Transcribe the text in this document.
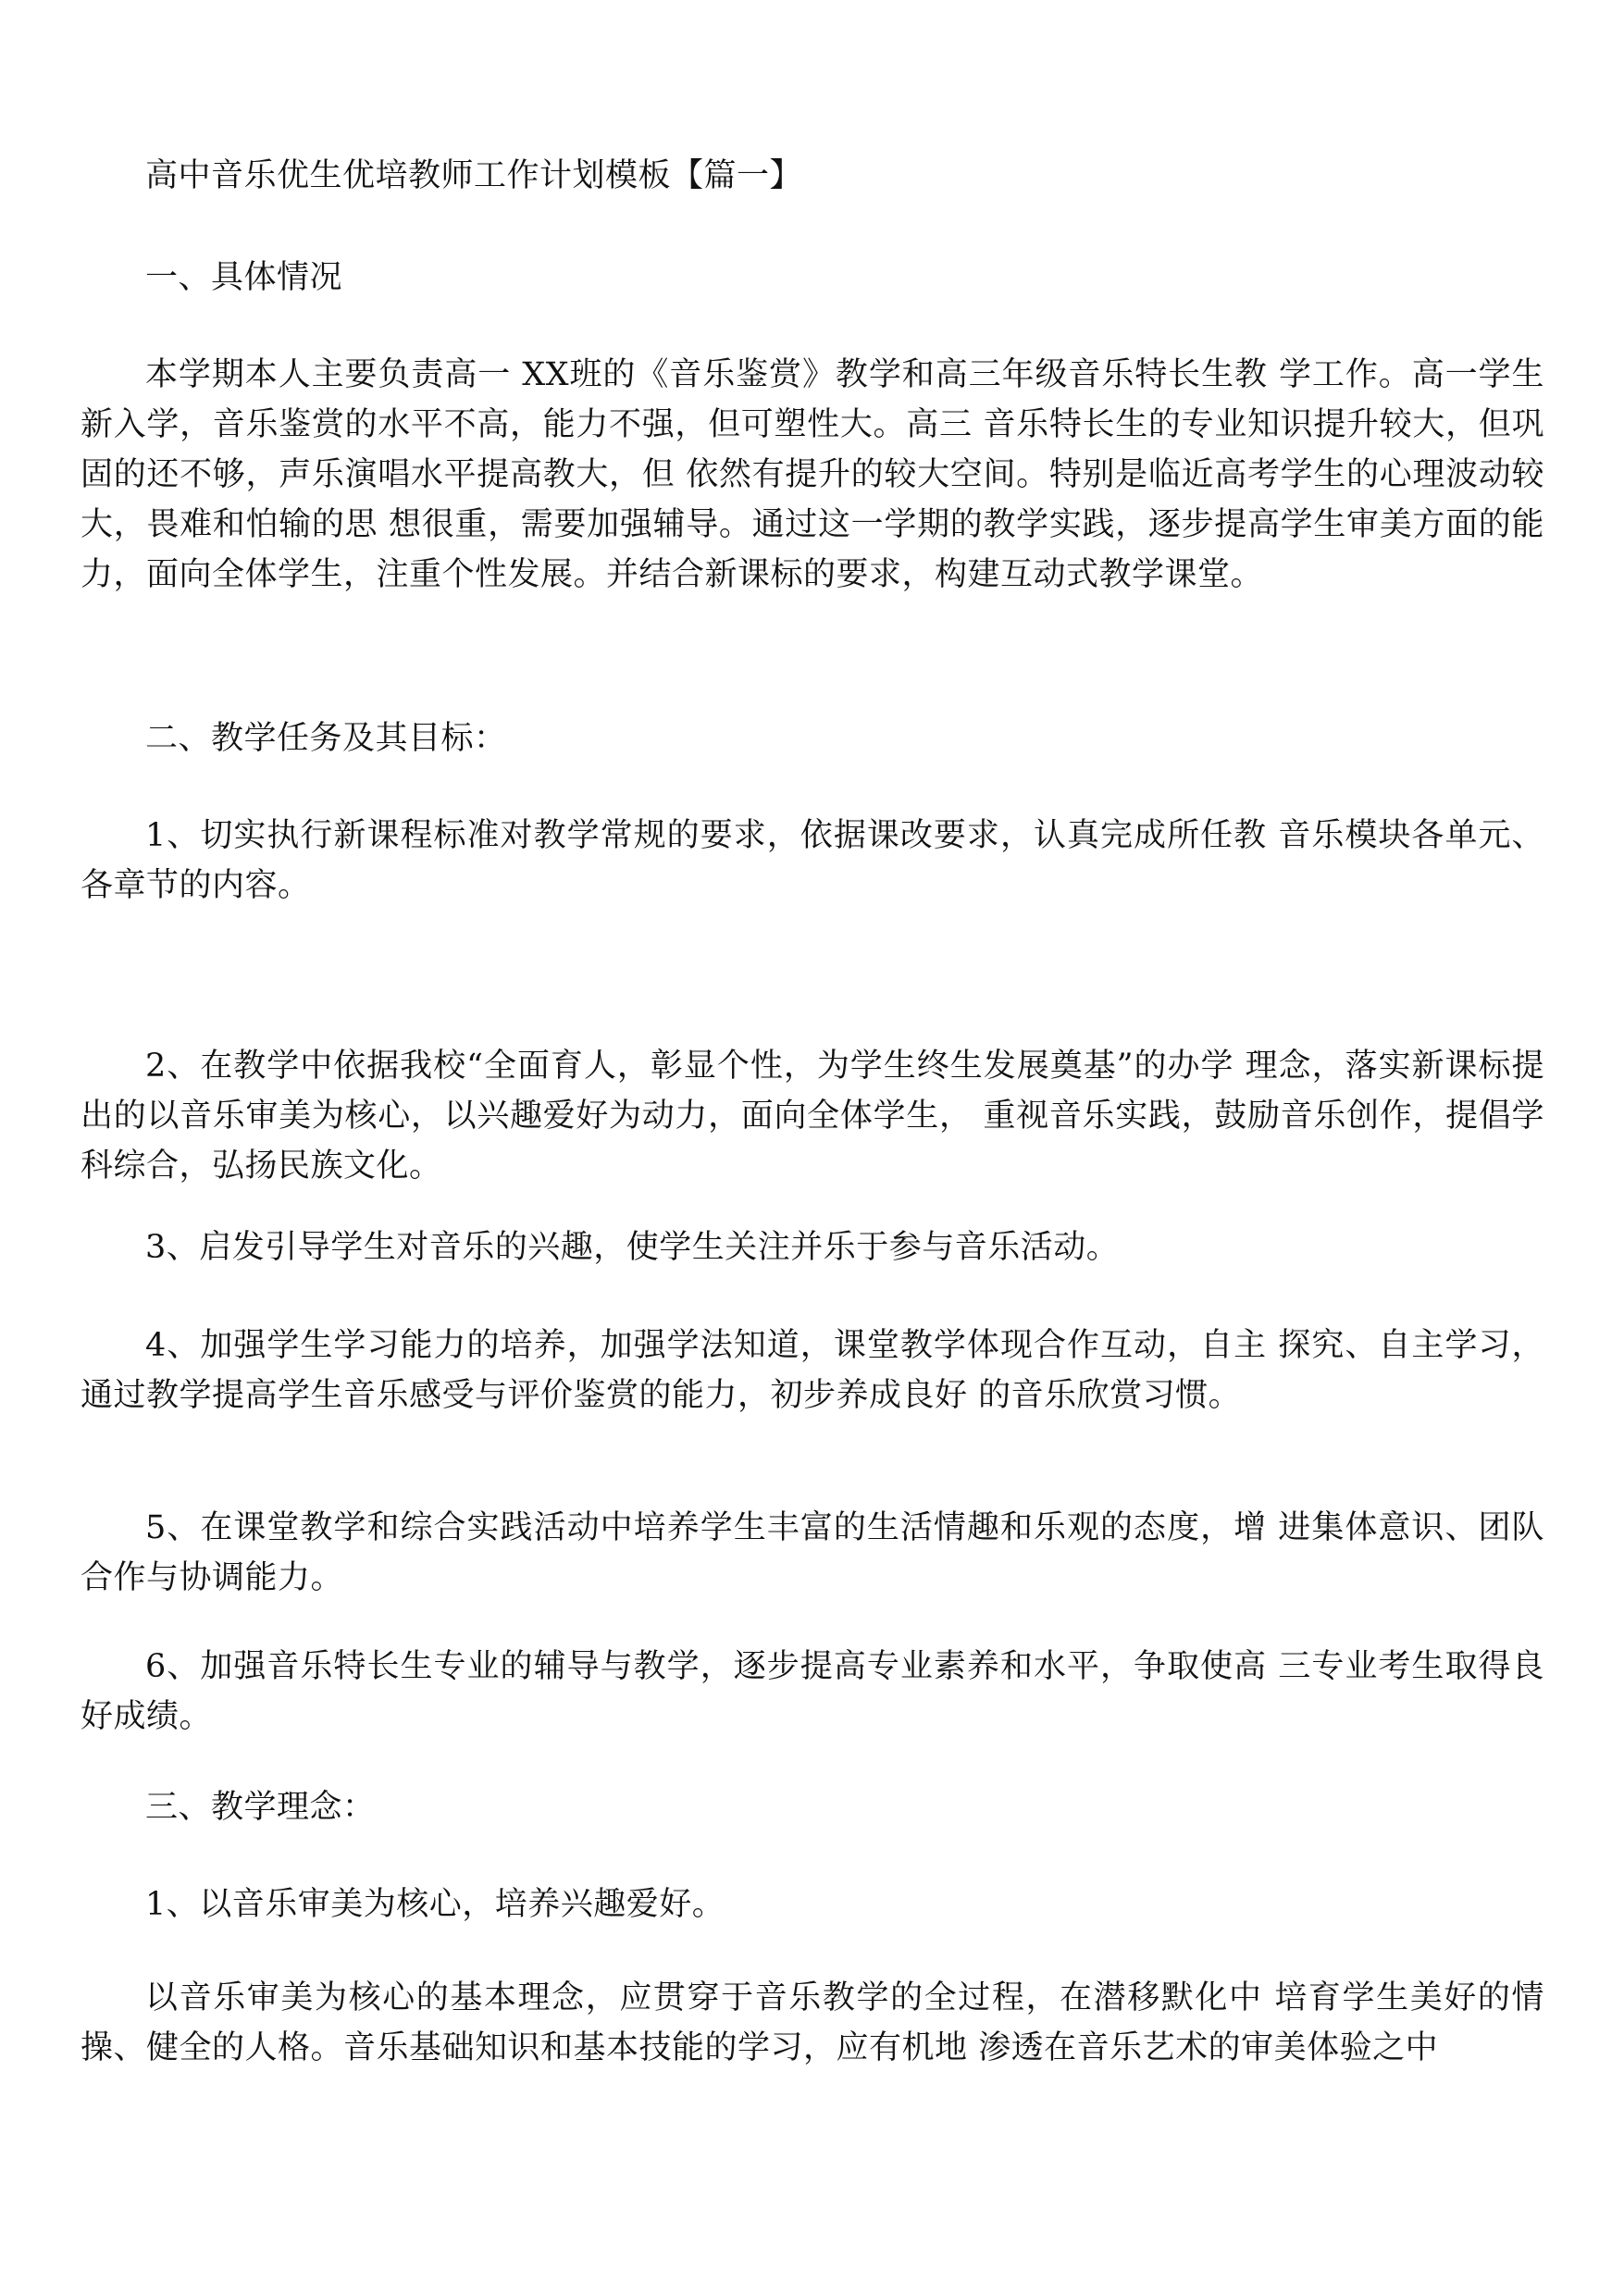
高中音乐优生优培教师工作计划模板【篇一】

一、具体情况

本学期本人主要负责高一 XX班的《音乐鉴赏》教学和高三年级音乐特长生教 学工作。高一学生新入学，音乐鉴赏的水平不高，能力不强，但可塑性大。高三 音乐特长生的专业知识提升较大，但巩固的还不够，声乐演唱水平提高教大，但 依然有提升的较大空间。特别是临近高考学生的心理波动较大，畏难和怕输的思 想很重，需要加强辅导。通过这一学期的教学实践，逐步提高学生审美方面的能 力，面向全体学生，注重个性发展。并结合新课标的要求，构建互动式教学课堂。

二、教学任务及其目标：

1、切实执行新课程标准对教学常规的要求，依据课改要求，认真完成所任教 音乐模块各单元、各章节的内容。

2、在教学中依据我校“全面育人，彰显个性，为学生终生发展奠基”的办学 理念，落实新课标提出的以音乐审美为核心，以兴趣爱好为动力，面向全体学生， 重视音乐实践，鼓励音乐创作，提倡学科综合，弘扬民族文化。

3、启发引导学生对音乐的兴趣，使学生关注并乐于参与音乐活动。

4、加强学生学习能力的培养，加强学法知道，课堂教学体现合作互动，自主 探究、自主学习，通过教学提高学生音乐感受与评价鉴赏的能力，初步养成良好 的音乐欣赏习惯。

5、在课堂教学和综合实践活动中培养学生丰富的生活情趣和乐观的态度，增 进集体意识、团队合作与协调能力。

6、加强音乐特长生专业的辅导与教学，逐步提高专业素养和水平，争取使高 三专业考生取得良好成绩。

三、教学理念：

1、以音乐审美为核心，培养兴趣爱好。

以音乐审美为核心的基本理念，应贯穿于音乐教学的全过程，在潜移默化中 培育学生美好的情操、健全的人格。音乐基础知识和基本技能的学习，应有机地 渗透在音乐艺术的审美体验之中
